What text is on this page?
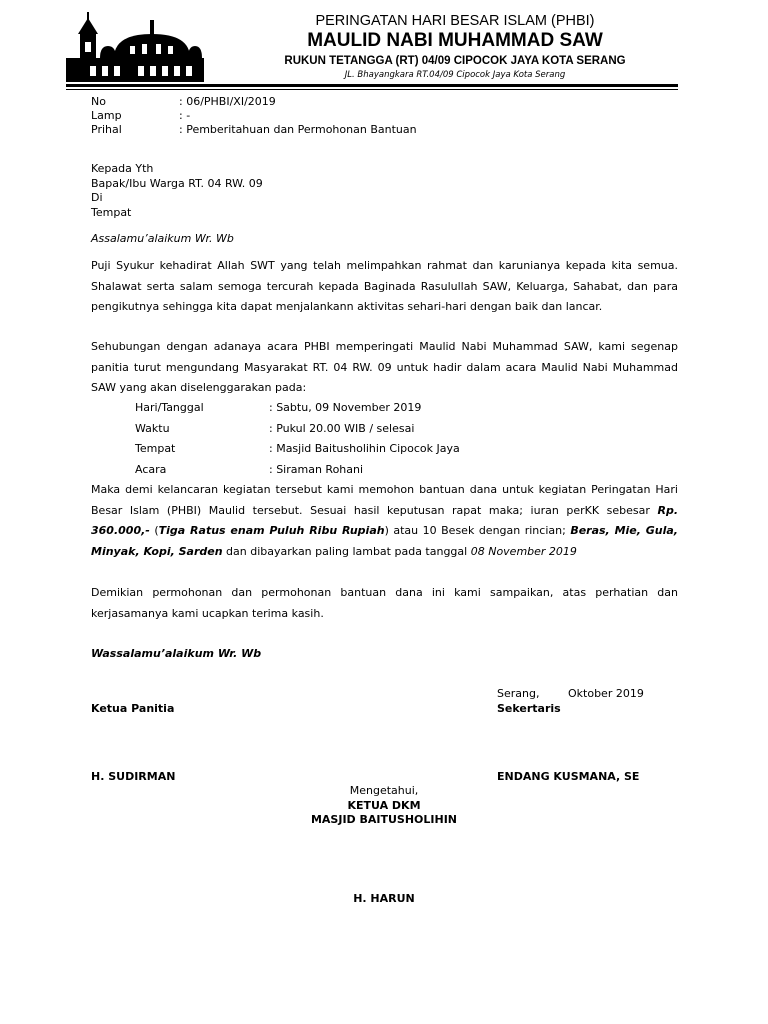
PERINGATAN HARI BESAR ISLAM (PHBI)
MAULID NABI MUHAMMAD SAW
RUKUN TETANGGA (RT) 04/09 CIPOCOK JAYA KOTA SERANG
JL. Bhayangkara RT.04/09 Cipocok Jaya Kota Serang
No	: 06/PHBI/XI/2019
Lamp	: -
Prihal	: Pemberitahuan dan Permohonan Bantuan
Kepada Yth
Bapak/Ibu Warga RT. 04 RW. 09
Di
Tempat
Assalamu’alaikum Wr. Wb
Puji Syukur kehadirat Allah SWT yang telah melimpahkan rahmat dan karunianya kepada kita semua. Shalawat serta salam semoga tercurah kepada Baginada Rasulullah SAW, Keluarga, Sahabat, dan para pengikutnya sehingga kita dapat menjalankann aktivitas sehari-hari dengan baik dan lancar.
Sehubungan dengan adanaya acara PHBI memperingati Maulid Nabi Muhammad SAW, kami segenap panitia turut mengundang Masyarakat RT. 04 RW. 09 untuk hadir dalam acara Maulid Nabi Muhammad SAW yang akan diselenggarakan pada:
Hari/Tanggal	: Sabtu, 09 November 2019
Waktu	: Pukul 20.00 WIB / selesai
Tempat	: Masjid Baitusholihin Cipocok Jaya
Acara	: Siraman Rohani
Maka demi kelancaran kegiatan tersebut kami memohon bantuan dana untuk kegiatan Peringatan Hari Besar Islam (PHBI) Maulid tersebut. Sesuai hasil keputusan rapat maka; iuran perKK sebesar Rp. 360.000,- (Tiga Ratus enam Puluh Ribu Rupiah) atau 10 Besek dengan rincian; Beras, Mie, Gula, Minyak, Kopi, Sarden dan dibayarkan paling lambat pada tanggal 08 November 2019
Demikian permohonan dan permohonan bantuan dana ini kami sampaikan, atas perhatian dan kerjasamanya kami ucapkan terima kasih.
Wassalamu’alaikum Wr. Wb
Serang,	Oktober 2019
Ketua Panitia	Sekertaris
H. SUDIRMAN	ENDANG KUSMANA, SE
Mengetahui,
KETUA DKM
MASJID BAITUSHOLIHIN
H. HARUN
